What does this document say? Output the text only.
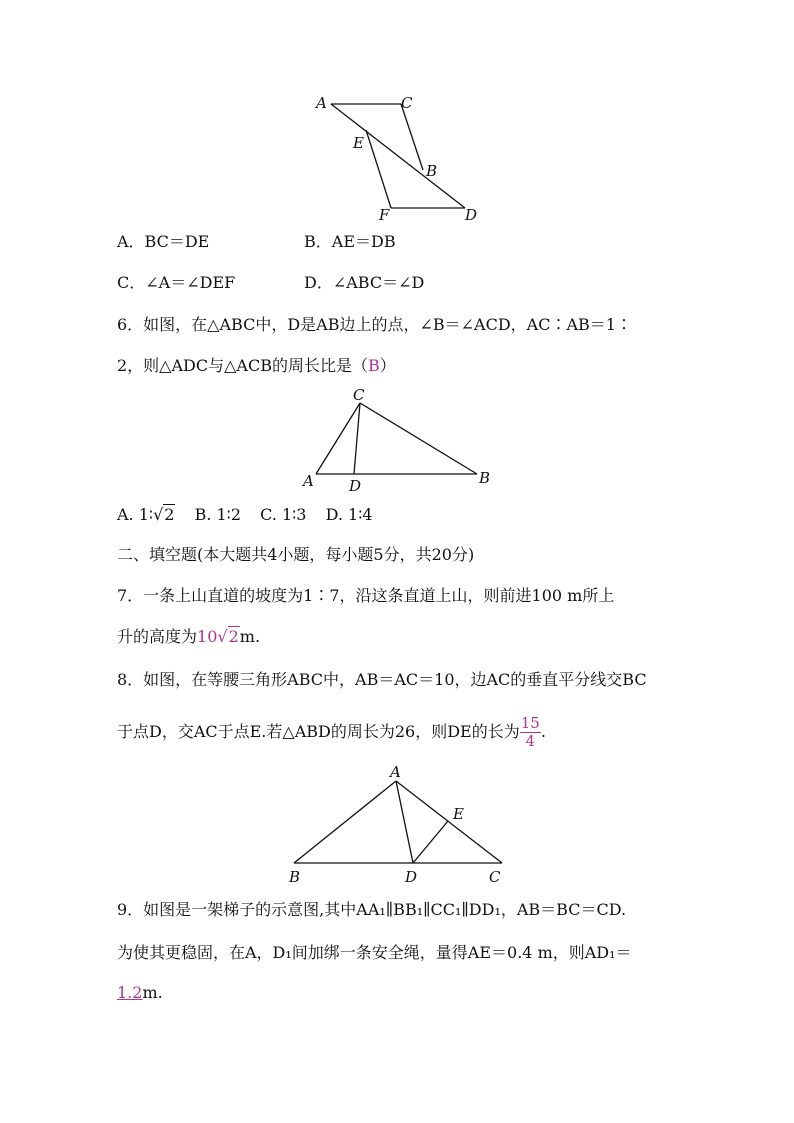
A	C
E
B
F	D
A．BC＝DE	B．AE＝DB
C．∠A＝∠DEF	D．∠ABC＝∠D
6．如图，在△ABC中，D是AB边上的点，∠B＝∠ACD，AC∶AB＝1∶
2，则△ADC与△ACB的周长比是（B）
C
A D	B
A. 1∶√2 B. 1∶2 C. 1∶3 D. 1∶4
二、填空题(本大题共4小题，每小题5分，共20分)
7．一条上山直道的坡度为1∶7，沿这条直道上山，则前进100 m所上
升的高度为10√2m.
8．如图，在等腰三角形ABC中，AB＝AC＝10，边AC的垂直平分线交BC
于点D，交AC于点E.若△ABD的周长为26，则DE的长为 $\frac{15}{4}$ .
A
E
B	D	C
9．如图是一架梯子的示意图,其中AA₁∥BB₁∥CC₁∥DD₁，AB＝BC＝CD.
为使其更稳固，在A，D₁间加绑一条安全绳，量得AE＝0.4 m，则AD₁＝
1.2m.
